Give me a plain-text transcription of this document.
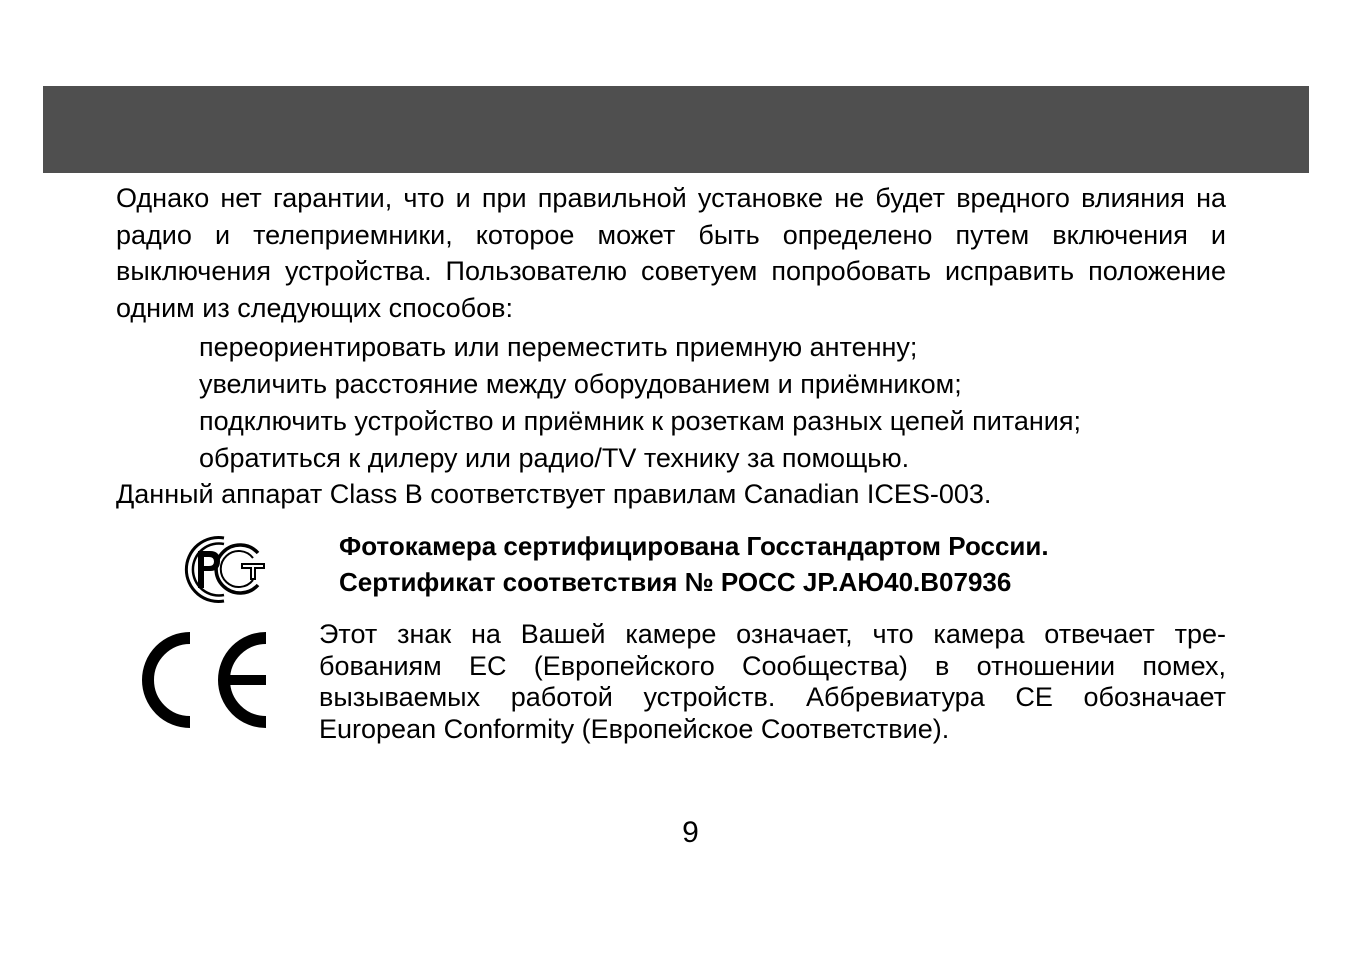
Однако нет гарантии, что и при правильной установке не будет вредного влияния на радио и телеприемники, которое может быть определено путем включения и выключения устройства. Пользователю советуем попробовать исправить положение одним из следующих способов:

переориентировать или переместить приемную антенну;
увеличить расстояние между оборудованием и приёмником;
подключить устройство и приёмник к розеткам разных цепей питания;
обратиться к дилеру или радио/TV технику за помощью.

Данный аппарат Class B соответствует правилам Canadian ICES-003.

Фотокамера сертифицирована Госстандартом России.
Сертификат соответствия № РОСС JP.АЮ40.В07936

Этот знак на Вашей камере означает, что камера отвечает тре-бованиям ЕС (Европейского Сообщества) в отношении помех, вызываемых работой устройств. Аббревиатура CE обозначает European Conformity (Европейское Соответствие).

9
